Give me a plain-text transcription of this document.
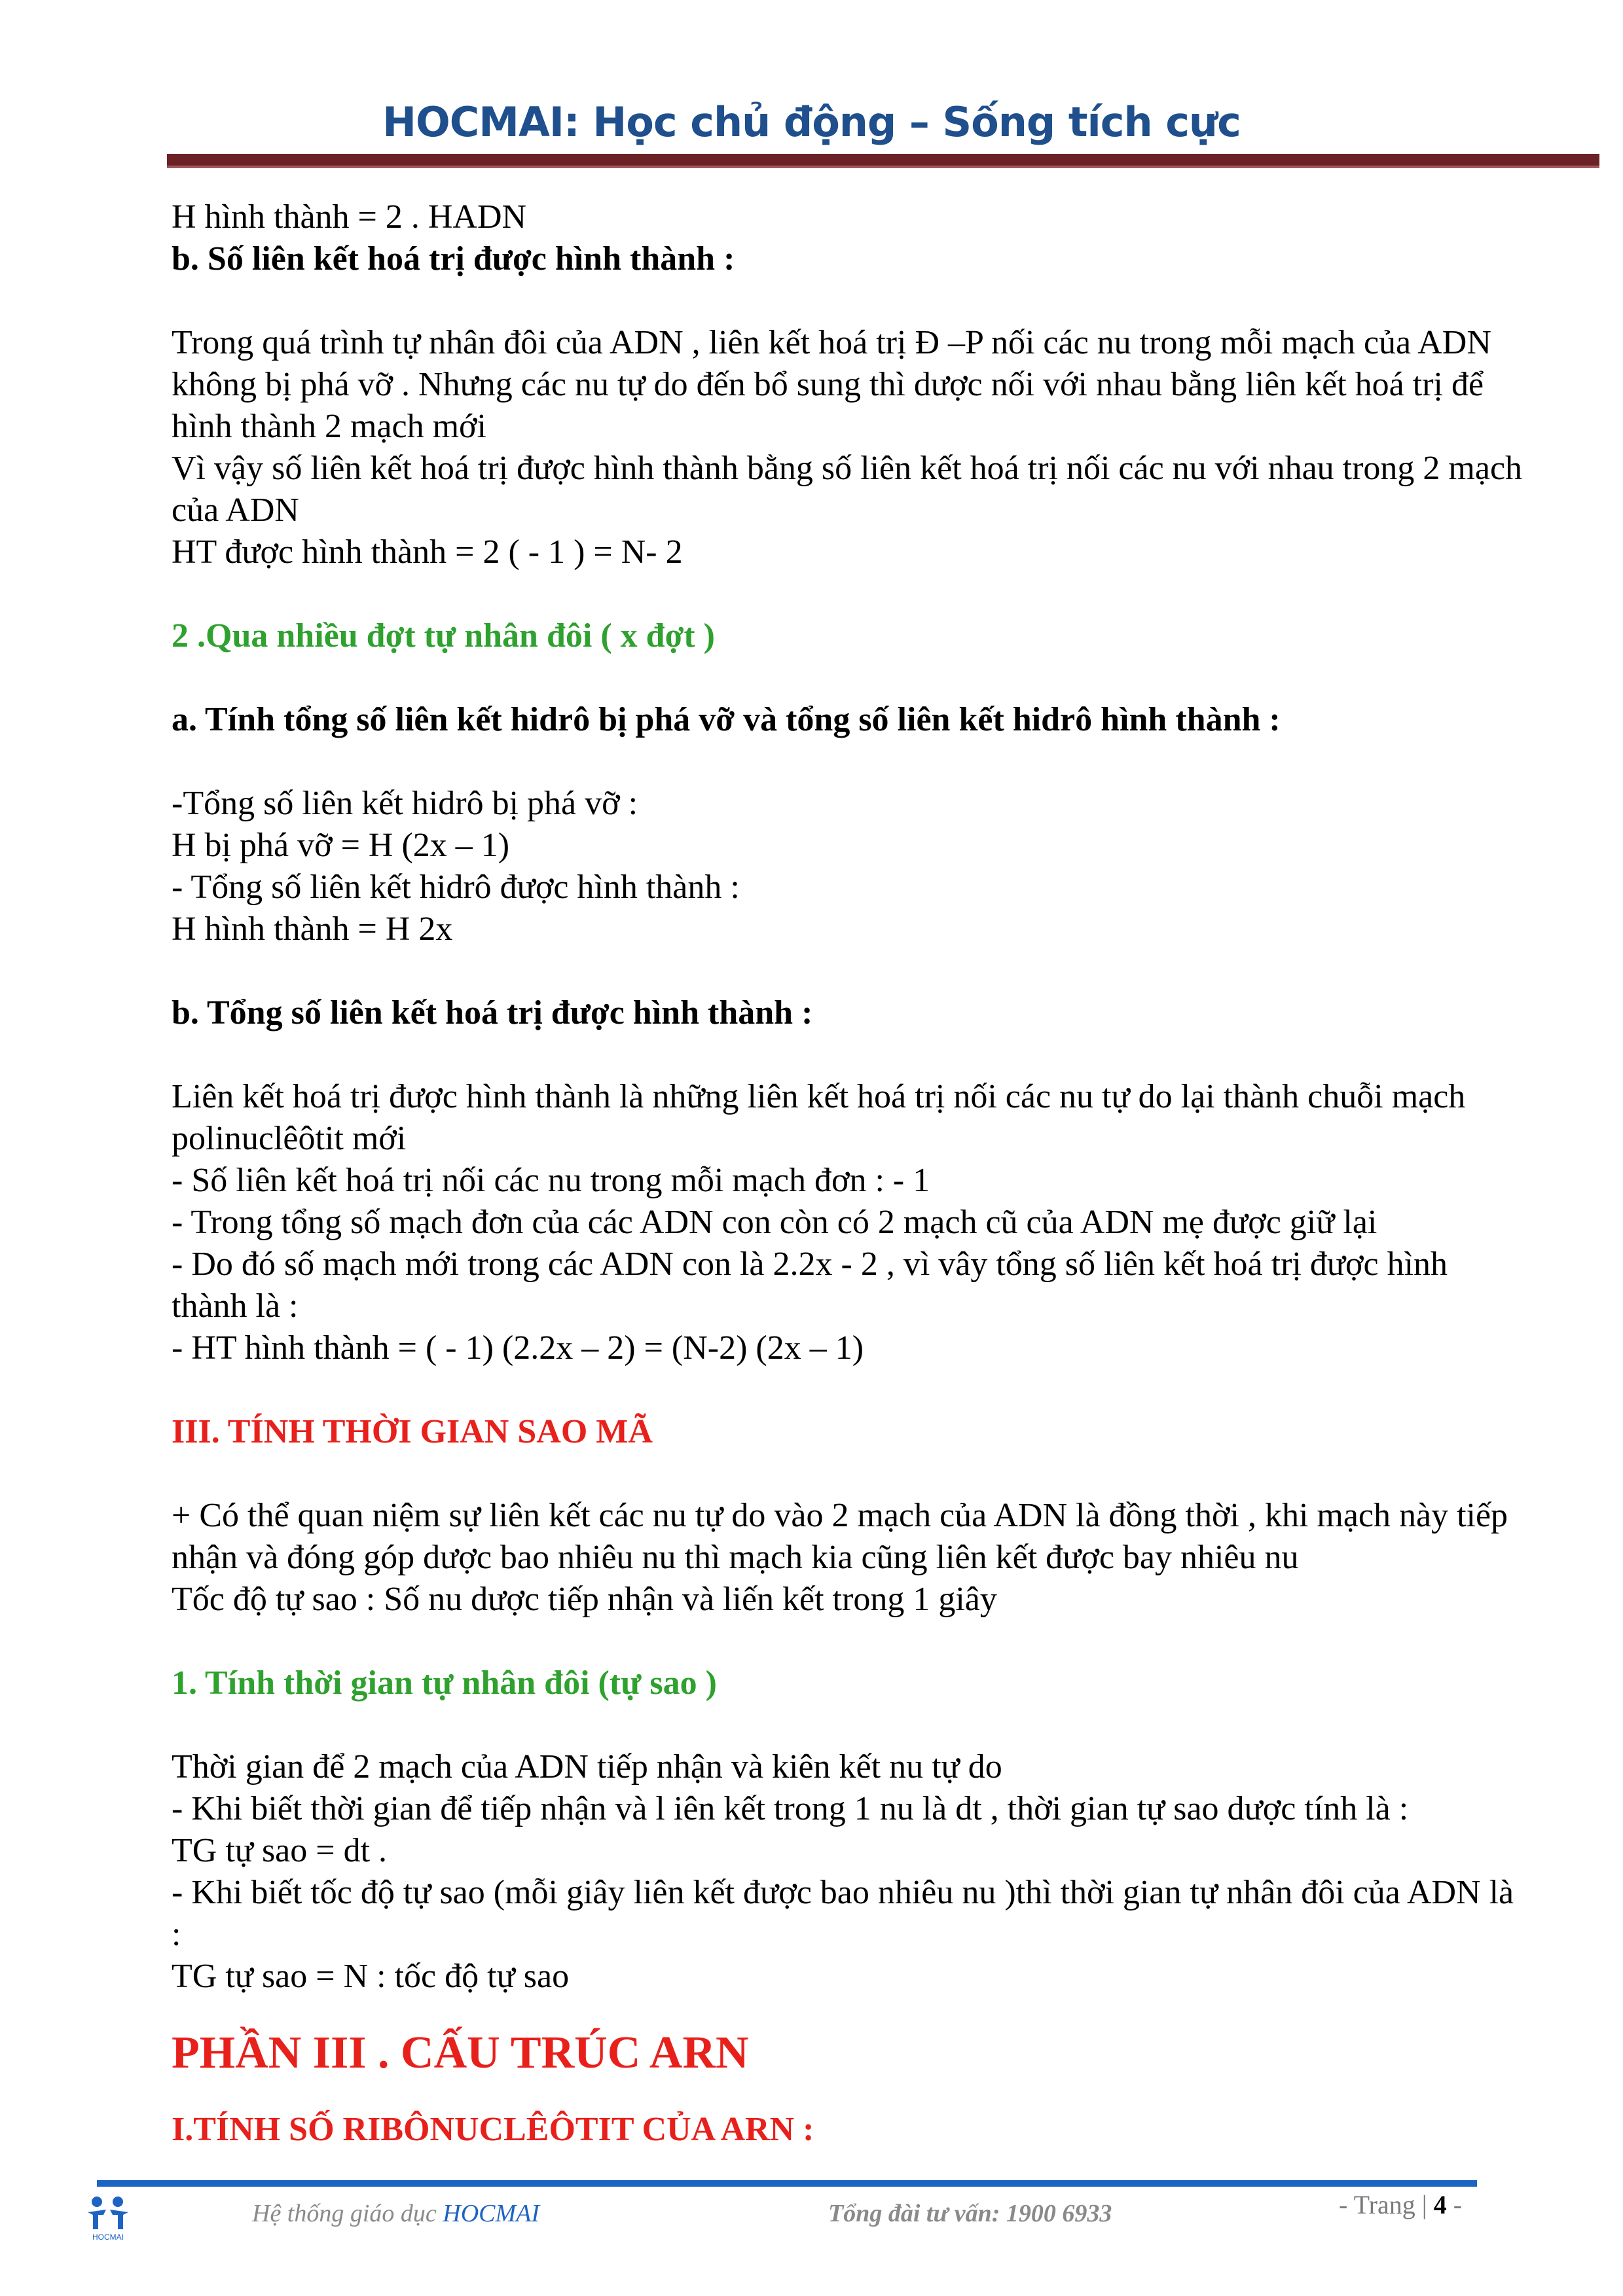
HOCMAI: Học chủ động – Sống tích cực

H hình thành = 2 . HADN

b. Số liên kết hoá trị được hình thành :

Trong quá trình tự nhân đôi của ADN , liên kết hoá trị Đ –P nối các nu trong mỗi mạch của ADN

không bị phá vỡ . Nhưng các nu tự do đến bổ sung thì dược nối với nhau bằng liên kết hoá trị để

hình thành 2 mạch mới

Vì vậy số liên kết hoá trị được hình thành bằng số liên kết hoá trị nối các nu với nhau trong 2 mạch

của ADN

HT được hình thành = 2 ( - 1 ) = N- 2

2 .Qua nhiều đợt tự nhân đôi ( x đợt )

a. Tính tổng số liên kết hidrô bị phá vỡ và tổng số liên kết hidrô hình thành :

-Tổng số liên kết hidrô bị phá vỡ :

H bị phá vỡ = H (2x – 1)

- Tổng số liên kết hidrô được hình thành :

H hình thành = H 2x

b. Tổng số liên kết hoá trị được hình thành :

Liên kết hoá trị được hình thành là những liên kết hoá trị nối các nu tự do lại thành chuỗi mạch

polinuclêôtit mới

- Số liên kết hoá trị nối các nu trong mỗi mạch đơn : - 1

- Trong tổng số mạch đơn của các ADN con còn có 2 mạch cũ của ADN mẹ được giữ lại

- Do đó số mạch mới trong các ADN con là 2.2x - 2 , vì vây tổng số liên kết hoá trị được hình

thành là :

- HT hình thành = ( - 1) (2.2x – 2) = (N-2) (2x – 1)

III. TÍNH THỜI GIAN SAO MÃ

+ Có thể quan niệm sự liên kết các nu tự do vào 2 mạch của ADN là đồng thời , khi mạch này tiếp

nhận và đóng góp dược bao nhiêu nu thì mạch kia cũng liên kết được bay nhiêu nu

Tốc độ tự sao : Số nu dược tiếp nhận và liến kết trong 1 giây

1. Tính thời gian tự nhân đôi (tự sao )

Thời gian để 2 mạch của ADN tiếp nhận và kiên kết nu tự do

- Khi biết thời gian để tiếp nhận và l iên kết trong 1 nu là dt , thời gian tự sao dược tính là :

TG tự sao = dt .

- Khi biết tốc độ tự sao (mỗi giây liên kết được bao nhiêu nu )thì thời gian tự nhân đôi của ADN là

:

TG tự sao = N : tốc độ tự sao

PHẦN III . CẤU TRÚC ARN

I.TÍNH SỐ RIBÔNUCLÊÔTIT CỦA ARN :

HOCMAI
Hệ thống giáo dục HOCMAI	Tổng đài tư vấn: 1900 6933	- Trang | 4 -
